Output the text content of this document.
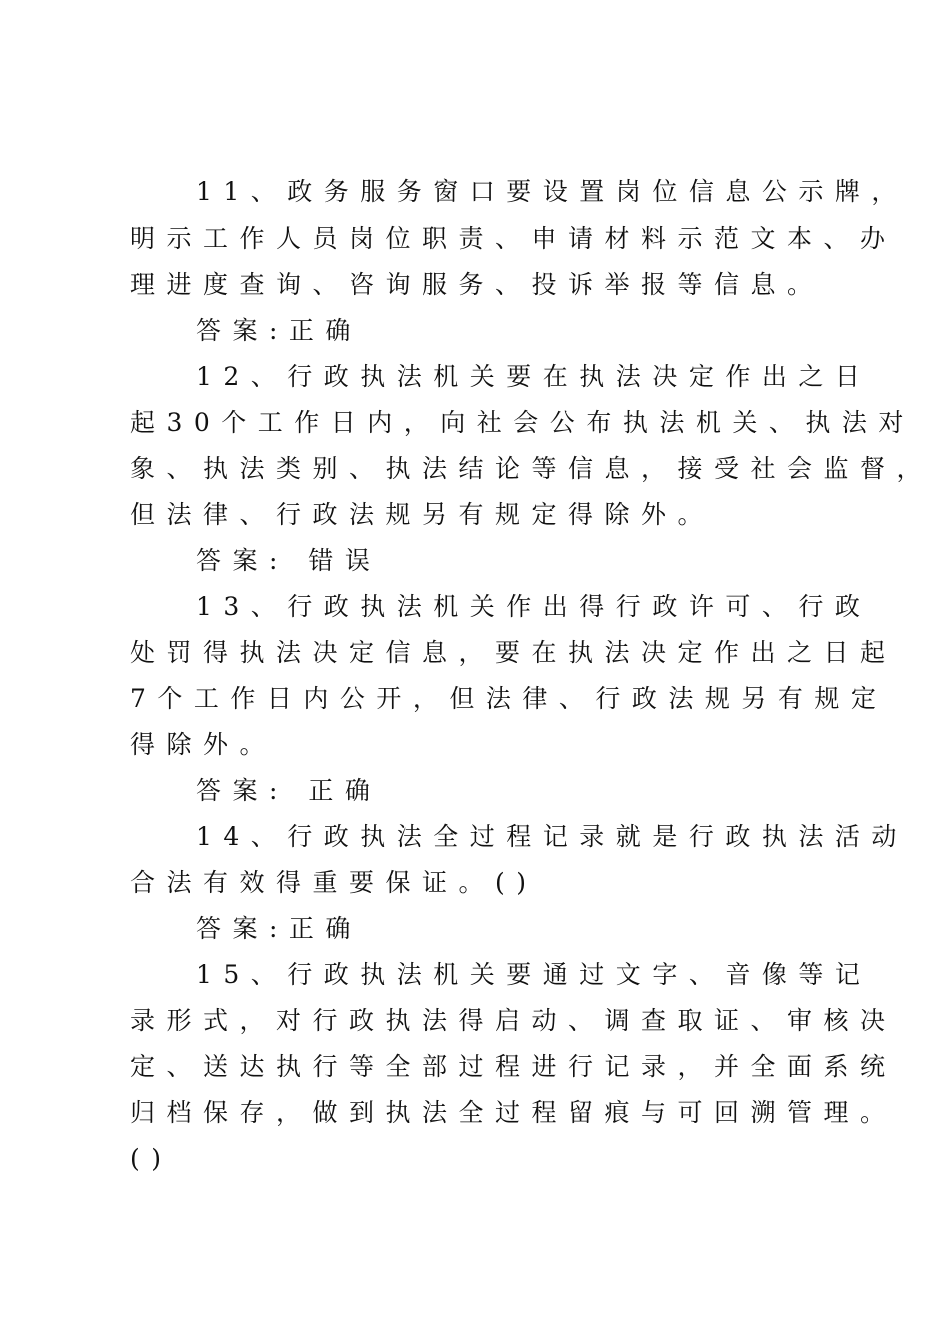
11、政务服务窗口要设置岗位信息公示牌，
明示工作人员岗位职责、申请材料示范文本、办
理进度查询、咨询服务、投诉举报等信息。
答案:正确
12、行政执法机关要在执法决定作出之日
起30个工作日内，向社会公布执法机关、执法对
象、执法类别、执法结论等信息，接受社会监督，
但法律、行政法规另有规定得除外。
答案: 错误
13、行政执法机关作出得行政许可、行政
处罚得执法决定信息，要在执法决定作出之日起
7个工作日内公开，但法律、行政法规另有规定
得除外。
答案: 正确
14、行政执法全过程记录就是行政执法活动
合法有效得重要保证。()
答案:正确
15、行政执法机关要通过文字、音像等记
录形式，对行政执法得启动、调查取证、审核决
定、送达执行等全部过程进行记录，并全面系统
归档保存，做到执法全过程留痕与可回溯管理。
()
